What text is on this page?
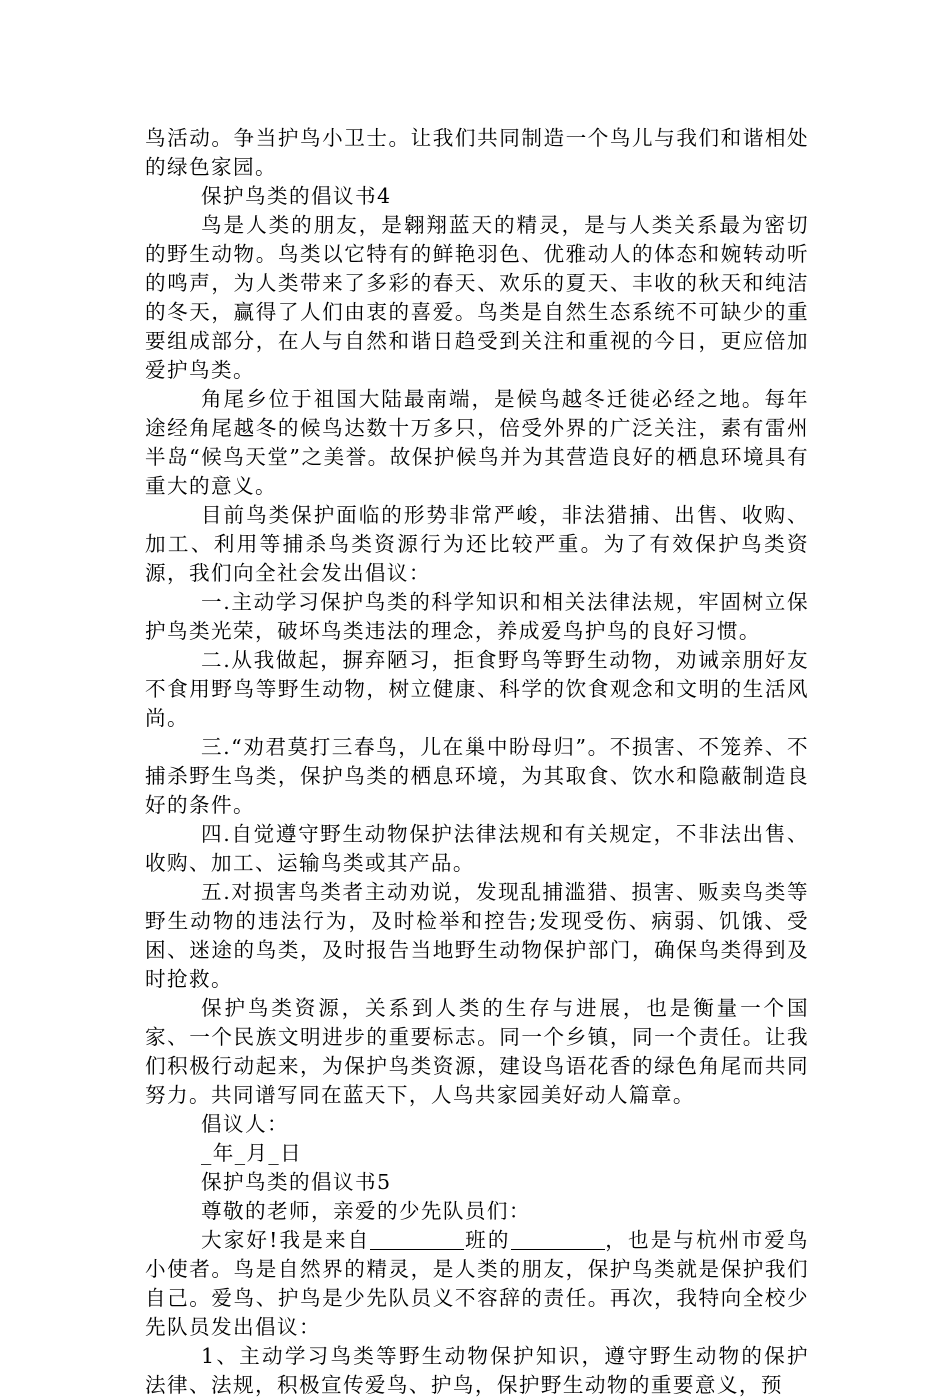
鸟活动。争当护鸟小卫士。让我们共同制造一个鸟儿与我们和谐相处的绿色家园。

保护鸟类的倡议书4

鸟是人类的朋友，是翱翔蓝天的精灵，是与人类关系最为密切的野生动物。鸟类以它特有的鲜艳羽色、优雅动人的体态和婉转动听的鸣声，为人类带来了多彩的春天、欢乐的夏天、丰收的秋天和纯洁的冬天，赢得了人们由衷的喜爱。鸟类是自然生态系统不可缺少的重要组成部分，在人与自然和谐日趋受到关注和重视的今日，更应倍加爱护鸟类。

角尾乡位于祖国大陆最南端，是候鸟越冬迁徙必经之地。每年途经角尾越冬的候鸟达数十万多只，倍受外界的广泛关注，素有雷州半岛“候鸟天堂”之美誉。故保护候鸟并为其营造良好的栖息环境具有重大的意义。

目前鸟类保护面临的形势非常严峻，非法猎捕、出售、收购、加工、利用等捕杀鸟类资源行为还比较严重。为了有效保护鸟类资源，我们向全社会发出倡议：

一.主动学习保护鸟类的科学知识和相关法律法规，牢固树立保护鸟类光荣，破坏鸟类违法的理念，养成爱鸟护鸟的良好习惯。

二.从我做起，摒弃陋习，拒食野鸟等野生动物，劝诫亲朋好友不食用野鸟等野生动物，树立健康、科学的饮食观念和文明的生活风尚。

三.“劝君莫打三春鸟，儿在巢中盼母归”。不损害、不笼养、不捕杀野生鸟类，保护鸟类的栖息环境，为其取食、饮水和隐蔽制造良好的条件。

四.自觉遵守野生动物保护法律法规和有关规定，不非法出售、收购、加工、运输鸟类或其产品。

五.对损害鸟类者主动劝说，发现乱捕滥猎、损害、贩卖鸟类等野生动物的违法行为，及时检举和控告;发现受伤、病弱、饥饿、受困、迷途的鸟类，及时报告当地野生动物保护部门，确保鸟类得到及时抢救。

保护鸟类资源，关系到人类的生存与进展，也是衡量一个国家、一个民族文明进步的重要标志。同一个乡镇，同一个责任。让我们积极行动起来，为保护鸟类资源，建设鸟语花香的绿色角尾而共同努力。共同谱写同在蓝天下，人鸟共家园美好动人篇章。

倡议人：

_年_月_日

保护鸟类的倡议书5

尊敬的老师，亲爱的少先队员们：

大家好!我是来自	班的	，也是与杭州市爱鸟小使者。鸟是自然界的精灵，是人类的朋友，保护鸟类就是保护我们自己。爱鸟、护鸟是少先队员义不容辞的责任。再次，我特向全校少先队员发出倡议：

1、主动学习鸟类等野生动物保护知识，遵守野生动物的保护法律、法规，积极宣传爱鸟、护鸟，保护野生动物的重要意义，预
